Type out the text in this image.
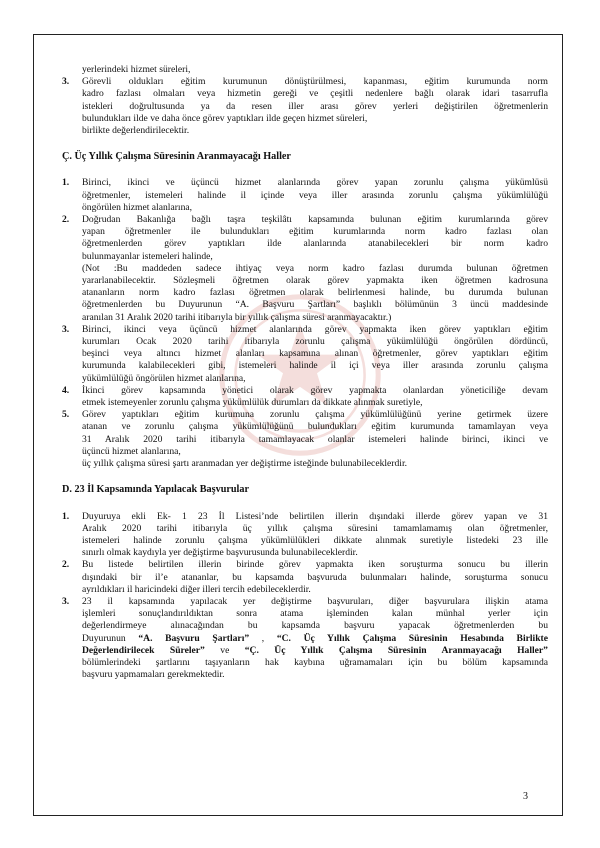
yerlerindeki hizmet süreleri,

3. Görevli oldukları eğitim kurumunun dönüştürülmesi, kapanması, eğitim kurumunda norm

kadro fazlası olmaları veya hizmetin gereği ve çeşitli nedenlere bağlı olarak idari tasarrufla

istekleri doğrultusunda ya da resen iller arası görev yerleri değiştirilen öğretmenlerin

bulundukları ilde ve daha önce görev yaptıkları ilde geçen hizmet süreleri,

birlikte değerlendirilecektir.

Ç. Üç Yıllık Çalışma Süresinin Aranmayacağı Haller

1. Birinci, ikinci ve üçüncü hizmet alanlarında görev yapan zorunlu çalışma yükümlüsü

öğretmenler, istemeleri halinde il içinde veya iller arasında zorunlu çalışma yükümlülüğü

öngörülen hizmet alanlarına,

2. Doğrudan Bakanlığa bağlı taşra teşkilâtı kapsamında bulunan eğitim kurumlarında görev

yapan öğretmenler ile bulundukları eğitim kurumlarında norm kadro fazlası olan

öğretmenlerden görev yaptıkları ilde alanlarında atanabilecekleri bir norm kadro

bulunmayanlar istemeleri halinde,

(Not :Bu maddeden sadece ihtiyaç veya norm kadro fazlası durumda bulunan öğretmen

yararlanabilecektir. Sözleşmeli öğretmen olarak görev yapmakta iken öğretmen kadrosuna

atananların norm kadro fazlası öğretmen olarak belirlenmesi halinde, bu durumda bulunan

öğretmenlerden bu Duyurunun “A. Başvuru Şartları” başlıklı bölümünün 3 üncü maddesinde

aranılan 31 Aralık 2020 tarihi itibarıyla bir yıllık çalışma süresi aranmayacaktır.)

3. Birinci, ikinci veya üçüncü hizmet alanlarında görev yapmakta iken görev yaptıkları eğitim

kurumları Ocak 2020 tarihi itibarıyla zorunlu çalışma yükümlülüğü öngörülen dördüncü,

beşinci veya altıncı hizmet alanları kapsamına alınan öğretmenler, görev yaptıkları eğitim

kurumunda kalabilecekleri gibi, istemeleri halinde il içi veya iller arasında zorunlu çalışma

yükümlülüğü öngörülen hizmet alanlarına,

4. İkinci görev kapsamında yönetici olarak görev yapmakta olanlardan yöneticiliğe devam

etmek istemeyenler zorunlu çalışma yükümlülük durumları da dikkate alınmak suretiyle,

5. Görev yaptıkları eğitim kurumuna zorunlu çalışma yükümlülüğünü yerine getirmek üzere

atanan ve zorunlu çalışma yükümlülüğünü bulundukları eğitim kurumunda tamamlayan veya

31 Aralık 2020 tarihi itibarıyla tamamlayacak olanlar istemeleri halinde birinci, ikinci ve

üçüncü hizmet alanlarına,

üç yıllık çalışma süresi şartı aranmadan yer değiştirme isteğinde bulunabileceklerdir.

D. 23 İl Kapsamında Yapılacak Başvurular

1. Duyuruya ekli Ek- 1 23 İl Listesi’nde belirtilen illerin dışındaki illerde görev yapan ve 31

Aralık 2020 tarihi itibarıyla üç yıllık çalışma süresini tamamlamamış olan öğretmenler,

istemeleri halinde zorunlu çalışma yükümlülükleri dikkate alınmak suretiyle listedeki 23 ille

sınırlı olmak kaydıyla yer değiştirme başvurusunda bulunabileceklerdir.

2. Bu listede belirtilen illerin birinde görev yapmakta iken soruşturma sonucu bu illerin

dışındaki bir il’e atananlar, bu kapsamda başvuruda bulunmaları halinde, soruşturma sonucu

ayrıldıkları il haricindeki diğer illeri tercih edebileceklerdir.

3. 23 il kapsamında yapılacak yer değiştirme başvuruları, diğer başvurulara ilişkin atama

işlemleri sonuçlandırıldıktan sonra atama işleminden kalan münhal yerler için

değerlendirmeye alınacağından bu kapsamda başvuru yapacak öğretmenlerden bu

Duyurunun “A. Başvuru Şartları” , “C. Üç Yıllık Çalışma Süresinin Hesabında Birlikte

Değerlendirilecek Süreler” ve “Ç. Üç Yıllık Çalışma Süresinin Aranmayacağı Haller”

bölümlerindeki şartlarını taşıyanların hak kaybına uğramamaları için bu bölüm kapsamında

başvuru yapmamaları gerekmektedir.

3
